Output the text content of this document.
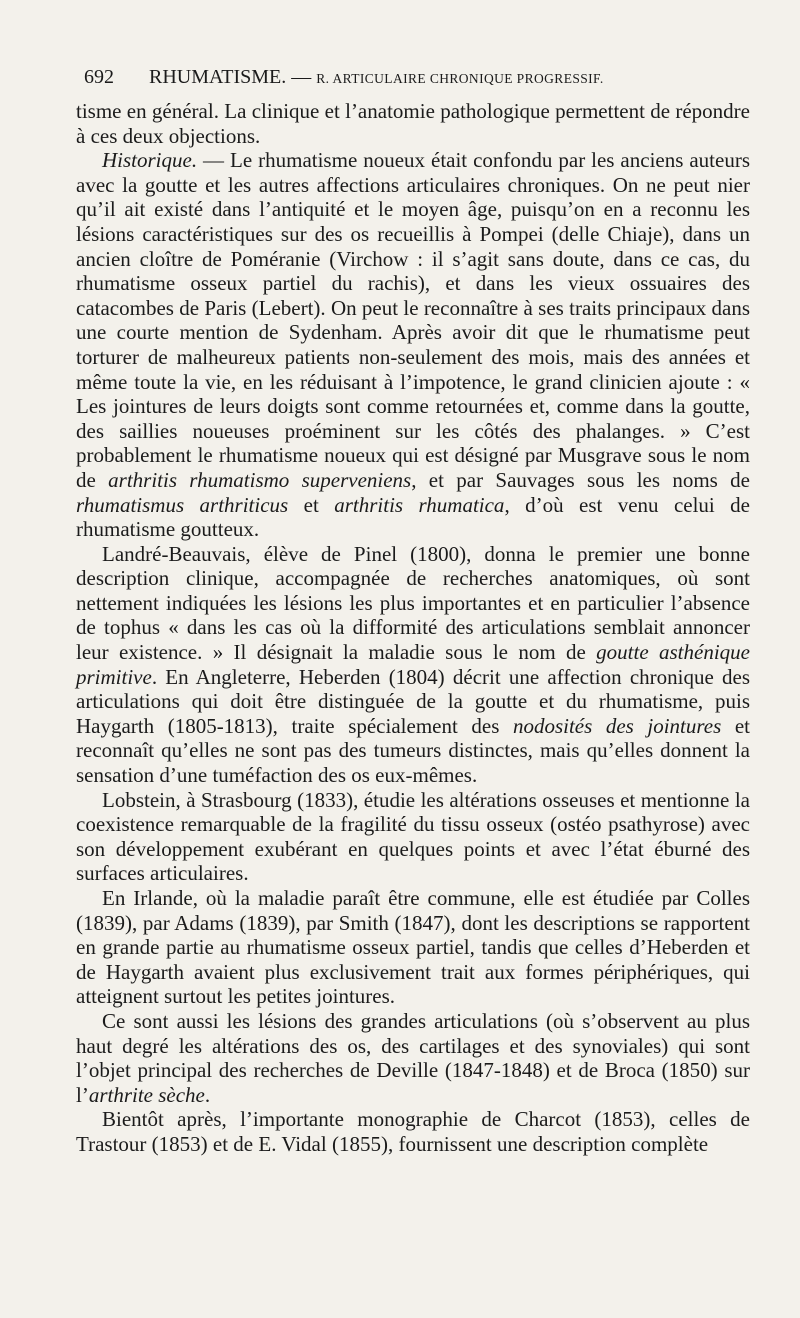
692 RHUMATISME. — R. ARTICULAIRE CHRONIQUE PROGRESSIF.

tisme en général. La clinique et l’anatomie pathologique permettent de répondre à ces deux objections.

Historique. — Le rhumatisme noueux était confondu par les anciens auteurs avec la goutte et les autres affections articulaires chroniques. On ne peut nier qu’il ait existé dans l’antiquité et le moyen âge, puisqu’on en a reconnu les lésions caractéristiques sur des os recueillis à Pompei (delle Chiaje), dans un ancien cloître de Poméranie (Virchow : il s’agit sans doute, dans ce cas, du rhumatisme osseux partiel du rachis), et dans les vieux ossuaires des catacombes de Paris (Lebert). On peut le reconnaître à ses traits principaux dans une courte mention de Sydenham. Après avoir dit que le rhumatisme peut torturer de malheureux patients non-seulement des mois, mais des années et même toute la vie, en les réduisant à l’impotence, le grand clinicien ajoute : « Les jointures de leurs doigts sont comme retournées et, comme dans la goutte, des saillies noueuses proéminent sur les côtés des phalanges. » C’est probablement le rhumatisme noueux qui est désigné par Musgrave sous le nom de arthritis rhumatismo superveniens, et par Sauvages sous les noms de rhumatismus arthriticus et arthritis rhumatica, d’où est venu celui de rhumatisme goutteux.

Landré-Beauvais, élève de Pinel (1800), donna le premier une bonne description clinique, accompagnée de recherches anatomiques, où sont nettement indiquées les lésions les plus importantes et en particulier l’absence de tophus « dans les cas où la difformité des articulations semblait annoncer leur existence. » Il désignait la maladie sous le nom de goutte asthénique primitive. En Angleterre, Heberden (1804) décrit une affection chronique des articulations qui doit être distinguée de la goutte et du rhumatisme, puis Haygarth (1805-1813), traite spécialement des nodosités des jointures et reconnaît qu’elles ne sont pas des tumeurs distinctes, mais qu’elles donnent la sensation d’une tuméfaction des os eux-mêmes.

Lobstein, à Strasbourg (1833), étudie les altérations osseuses et mentionne la coexistence remarquable de la fragilité du tissu osseux (ostéo psathyrose) avec son développement exubérant en quelques points et avec l’état éburné des surfaces articulaires.

En Irlande, où la maladie paraît être commune, elle est étudiée par Colles (1839), par Adams (1839), par Smith (1847), dont les descriptions se rapportent en grande partie au rhumatisme osseux partiel, tandis que celles d’Heberden et de Haygarth avaient plus exclusivement trait aux formes périphériques, qui atteignent surtout les petites jointures.

Ce sont aussi les lésions des grandes articulations (où s’observent au plus haut degré les altérations des os, des cartilages et des synoviales) qui sont l’objet principal des recherches de Deville (1847-1848) et de Broca (1850) sur l’arthrite sèche.

Bientôt après, l’importante monographie de Charcot (1853), celles de Trastour (1853) et de E. Vidal (1855), fournissent une description complète
